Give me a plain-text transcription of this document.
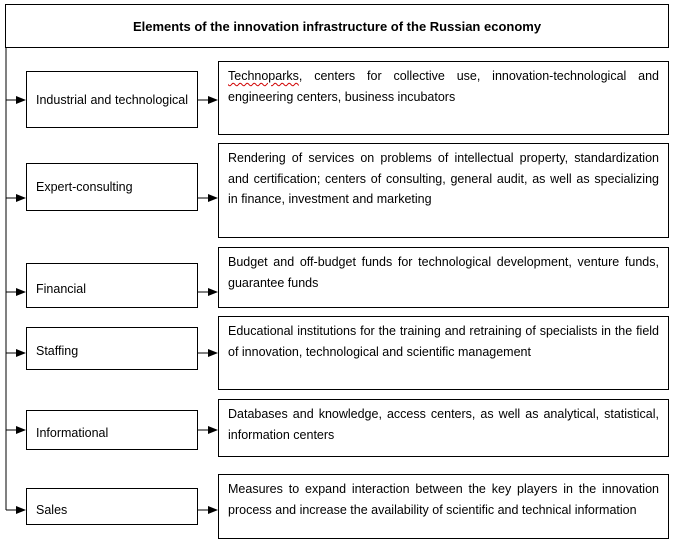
Elements of the innovation infrastructure of the Russian economy
Industrial and technological
Technoparks, centers for collective use, innovation-technological and engineering centers, business incubators
Expert-consulting
Rendering of services on problems of intellectual property, standardization and certification; centers of consulting, general audit, as well as specializing in finance, investment and marketing
Financial
Budget and off-budget funds for technological development, venture funds, guarantee funds
Staffing
Educational institutions for the training and retraining of specialists in the field of innovation, technological and scientific management
Informational
Databases and knowledge, access centers, as well as analytical, statistical, information centers
Sales
Measures to expand interaction between the key players in the innovation process and increase the availability of scientific and technical information
